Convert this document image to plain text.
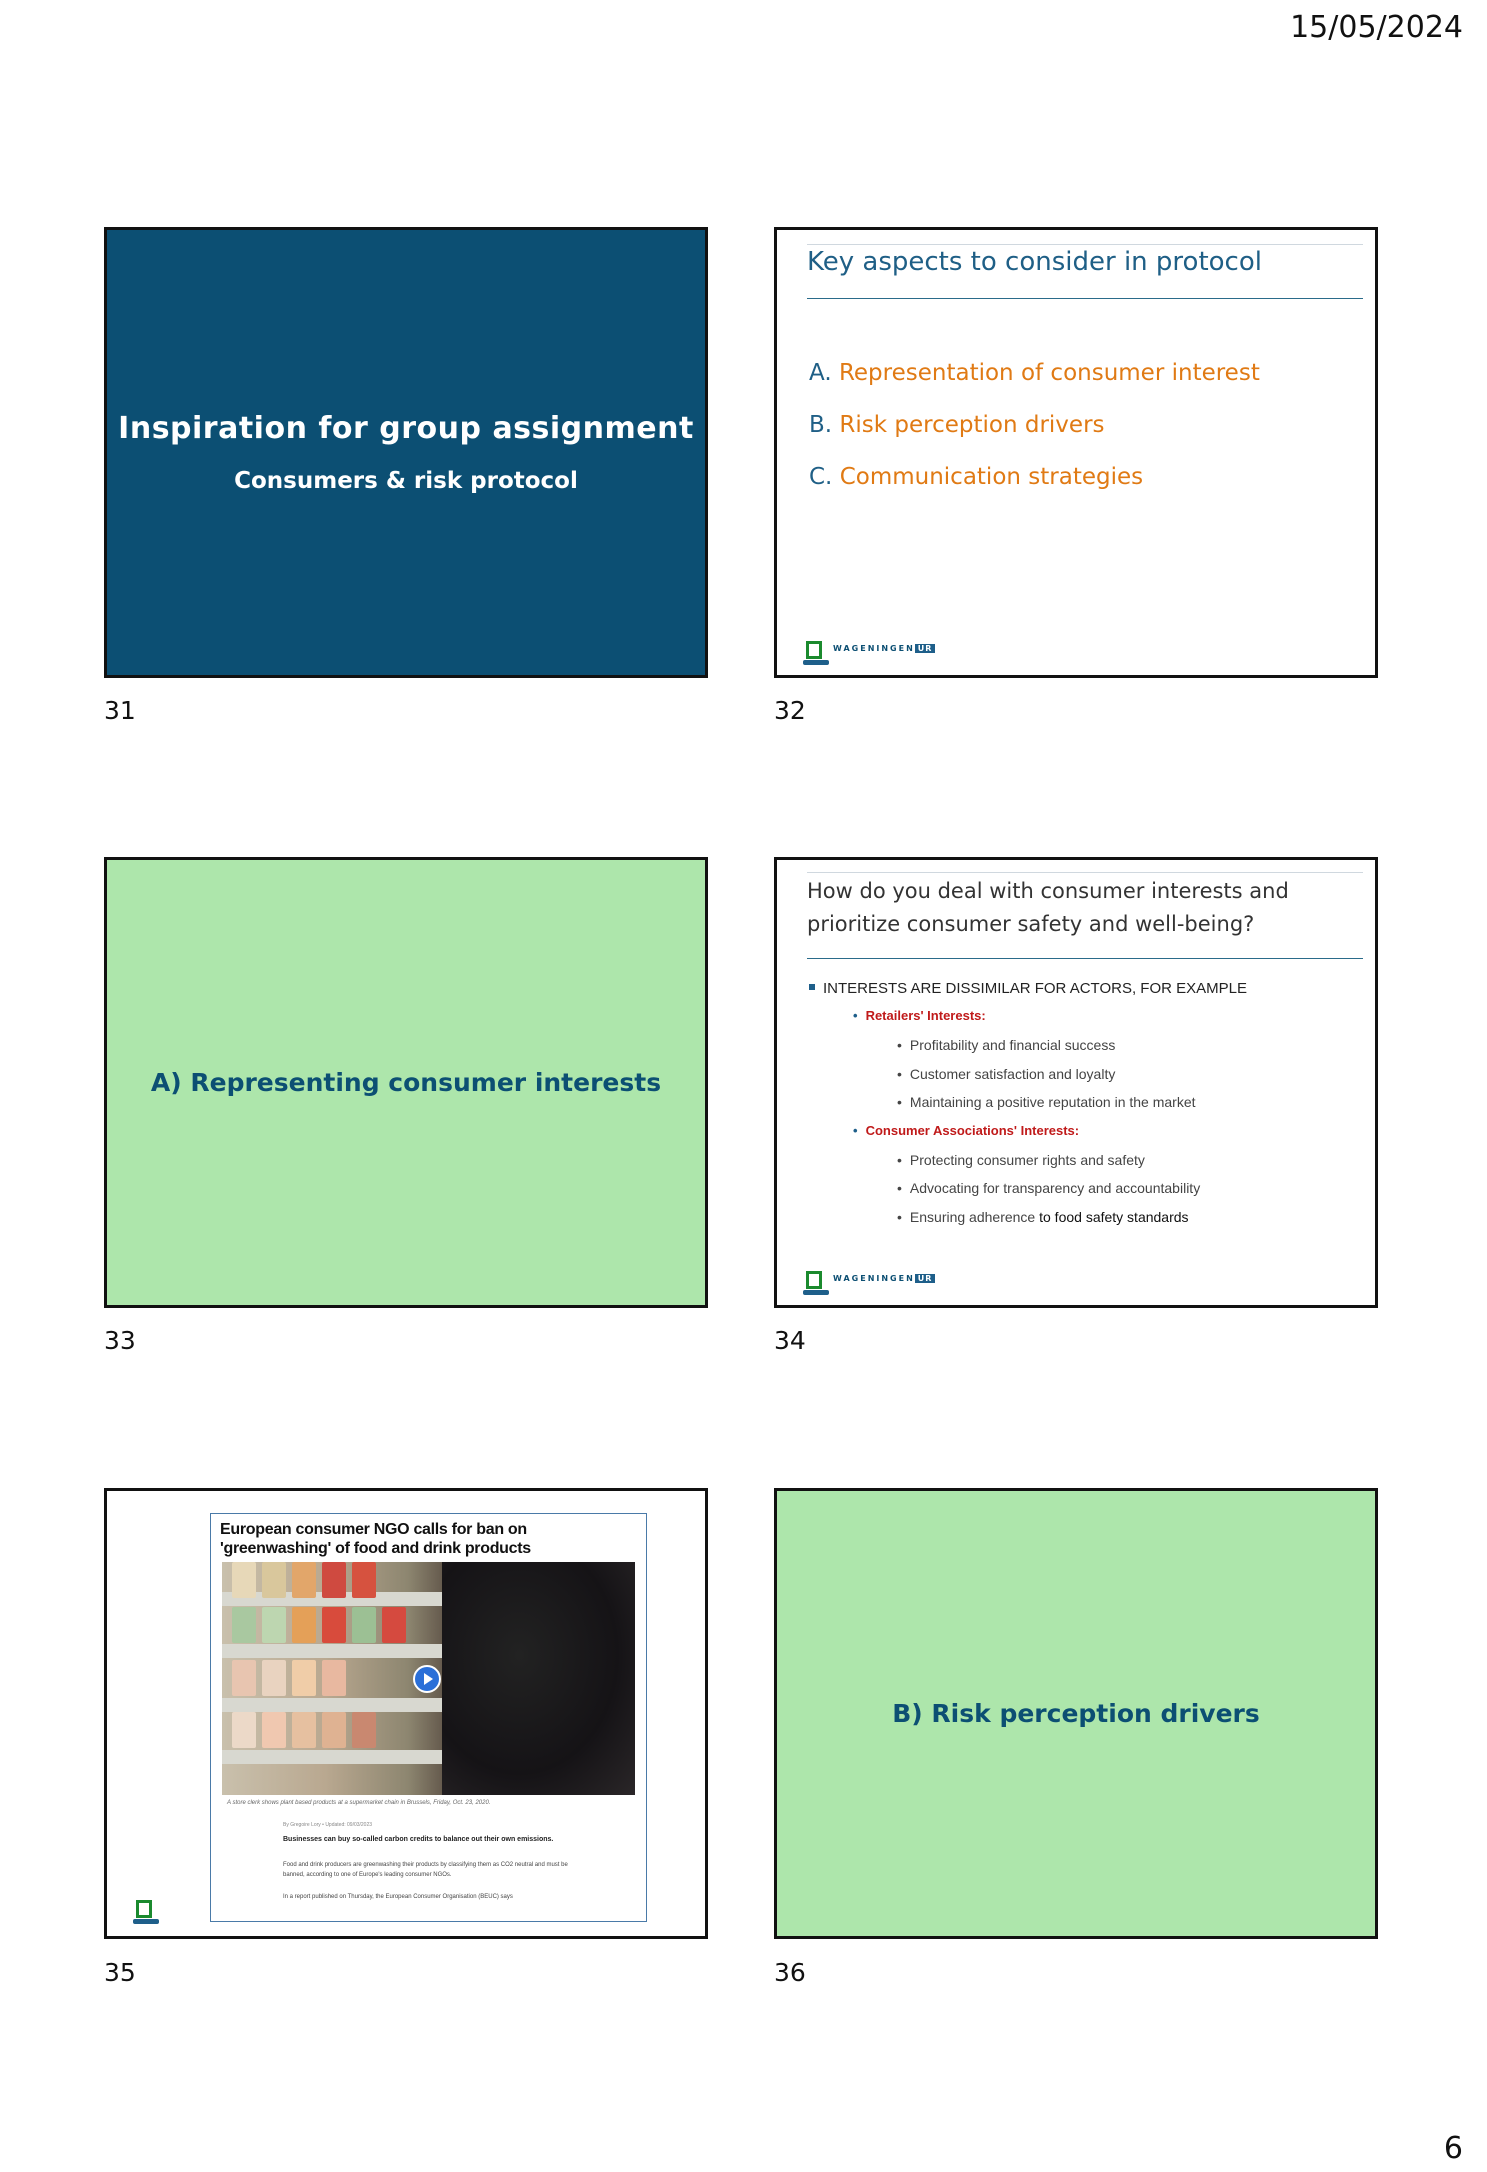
15/05/2024
Inspiration for group assignment
Consumers & risk protocol
31
Key aspects to consider in protocol
A. Representation of consumer interest
B. Risk perception drivers
C. Communication strategies
WAGENINGEN UR
32
A) Representing consumer interests
33
How do you deal with consumer interests and
prioritize consumer safety and well-being?
INTERESTS ARE DISSIMILAR FOR ACTORS, FOR EXAMPLE
• Retailers' Interests:
• Profitability and financial success
• Customer satisfaction and loyalty
• Maintaining a positive reputation in the market
• Consumer Associations' Interests:
• Protecting consumer rights and safety
• Advocating for transparency and accountability
• Ensuring adherence to food safety standards
WAGENINGEN UR
34
European consumer NGO calls for ban on 'greenwashing' of food and drink products
A store clerk shows plant based products at a supermarket chain in Brussels, Friday, Oct. 23, 2020.
By Gregoire Lory • Updated: 09/03/2023
Businesses can buy so-called carbon credits to balance out their own emissions.
Food and drink producers are greenwashing their products by classifying them as CO2 neutral and must be banned, according to one of Europe's leading consumer NGOs.
In a report published on Thursday, the European Consumer Organisation (BEUC) says
35
B) Risk perception drivers
36
6
